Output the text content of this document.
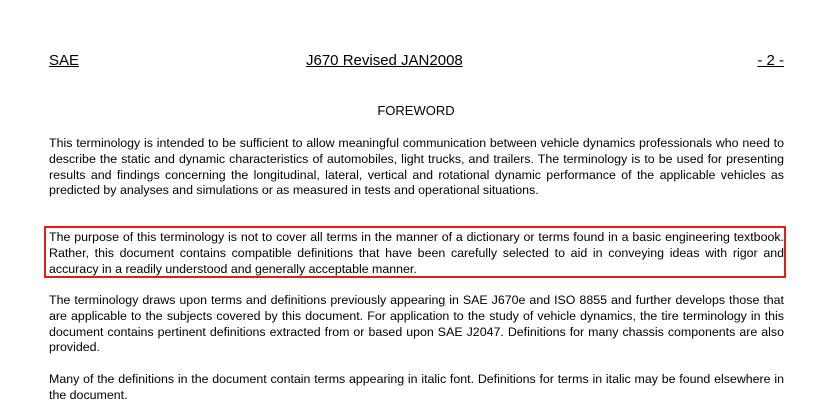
SAE	J670 Revised JAN2008	- 2 -
FOREWORD

This terminology is intended to be sufficient to allow meaningful communication between vehicle dynamics professionals who need to describe the static and dynamic characteristics of automobiles, light trucks, and trailers. The terminology is to be used for presenting results and findings concerning the longitudinal, lateral, vertical and rotational dynamic performance of the applicable vehicles as predicted by analyses and simulations or as measured in tests and operational situations.

The purpose of this terminology is not to cover all terms in the manner of a dictionary or terms found in a basic engineering textbook. Rather, this document contains compatible definitions that have been carefully selected to aid in conveying ideas with rigor and accuracy in a readily understood and generally acceptable manner.

The terminology draws upon terms and definitions previously appearing in SAE J670e and ISO 8855 and further develops those that are applicable to the subjects covered by this document. For application to the study of vehicle dynamics, the tire terminology in this document contains pertinent definitions extracted from or based upon SAE J2047. Definitions for many chassis components are also provided.

Many of the definitions in the document contain terms appearing in italic font. Definitions for terms in italic may be found elsewhere in the document.
